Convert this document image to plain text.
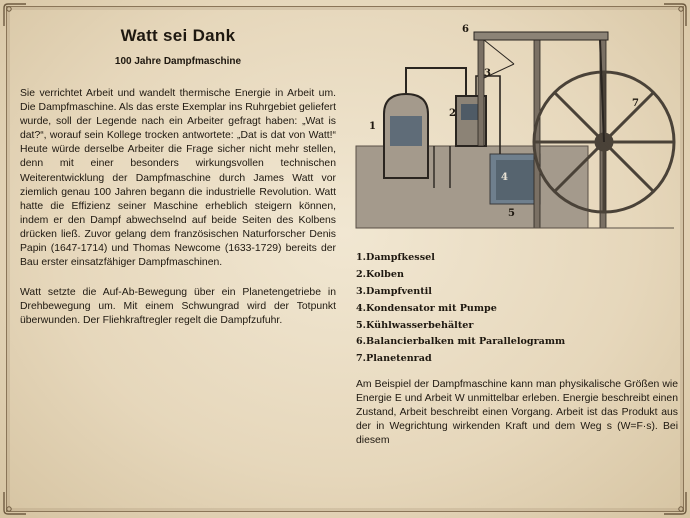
Watt sei Dank
100 Jahre Dampfmaschine

Sie verrichtet Arbeit und wandelt thermische Energie in Arbeit um. Die Dampfmaschine. Als das erste Exemplar ins Ruhrgebiet geliefert wurde, soll der Legende nach ein Arbeiter gefragt haben: „Wat is dat?“, worauf sein Kollege trocken antwortete: „Dat is dat von Watt!“ Heute würde derselbe Arbeiter die Frage sicher nicht mehr stellen, denn mit einer besonders wirkungsvollen technischen Weiterentwicklung der Dampfmaschine durch James Watt vor ziemlich genau 100 Jahren begann die industrielle Revolution. Watt hatte die Effizienz seiner Maschine erheblich steigern können, indem er den Dampf abwechselnd auf beide Seiten des Kolbens drücken ließ. Zuvor gelang dem französischen Naturforscher Denis Papin (1647-1714) und Thomas Newcome (1633-1729) bereits der Bau erster einsatzfähiger Dampfmaschinen.

Watt setzte die Auf-Ab-Bewegung über ein Planetengetriebe in Drehbewegung um. Mit einem Schwungrad wird der Totpunkt überwunden. Der Fliehkraftregler regelt die Dampfzufuhr.

1
2
3
4
5
6
7
1.Dampfkessel
2.Kolben
3.Dampfventil
4.Kondensator mit Pumpe
5.Kühlwasserbehälter
6.Balancierbalken mit Parallelogramm
7.Planetenrad

Am Beispiel der Dampfmaschine kann man physikalische Größen wie Energie E und Arbeit W unmittelbar erleben. Energie beschreibt einen Zustand, Arbeit beschreibt einen Vorgang. Arbeit ist das Produkt aus der in Wegrichtung wirkenden Kraft und dem Weg s (W=F·s). Bei diesem
